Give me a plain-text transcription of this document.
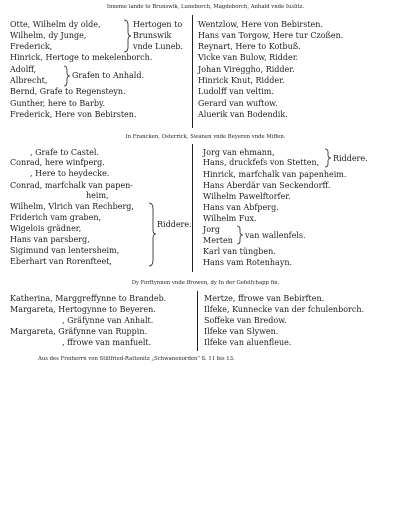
Inneme lande to Brunswik, Luneborch, Magdeborch, Anhald vnde Iuslitz.
Otte, Wilhelm dy olde,
Wilhelm, dy Junge,
Frederick,
Hinrick, Hertoge to mekelenborch.
Adolff,
Albrecht,
Bernd, Grafe to Regensteyn.
Gunther, here to Barby.
Frederick, Here von Bebirsten.
Hertogen to
Brunswik
vnde Luneb.
Grafen to Anhald.
Wentzlow, Here von Bebirsten.
Hans van Torgow, Here tur Czoßen.
Reynart, Here to Kotbuß.
Vicke van Bulow, Ridder.
Johan Vireggho, Ridder.
Hinrick Knut, Ridder.
Ludolff van veltim.
Gerard van wuftow.
Aluerik van Bodendik.
In Francken, Osterrick, Swanen vnde Beyeren vnde Miffen.
, Grafe to Castel.
Conrad, here winfperg.
, Here to heydecke.
Conrad, marfchalk van papen-
heim,
Wilhelm, Vlrich van Rechberg,
Friderich vam graben,
Wigelois grädner,
Hans van parsberg,
Sigimund van lentersheim,
Eberhart van Rorenfteet,
Riddere.
Jorg van ehmann,
Hans, druckfefs von Stetten,
Hinrick, marfchalk van papenheim.
Hans Aberdär van Seckendorff.
Wilhelm Pawelftorfer.
Hans van Abfperg.
Wilhelm Fux.
Jorg
Merten
Karl van tüngben.
Hans vam Rotenhayn.
Riddere.
van wallenfels.
Dy Forftynnen vnde ffrowen, dy In der Gefelfchapp fin.
Katherina, Marggreffynne to Brandeb.
Margareta, Hertogynne to Beyeren.
, Gräfynne van Anhalt.
Margareta, Gräfynne van Ruppin.
, ffrowe van manfuelt.
Mertze, ffrowe van Bebirften.
Ilfeke, Kunnecke van der fchulenborch.
Soffeke van Bredow.
Ilfeke van Slywen.
Ilfeke van aluenfleue.
Aus des Freiherrn von Stillfried-Rattonitz „Schwanenorden" S. 11 bis 13.
